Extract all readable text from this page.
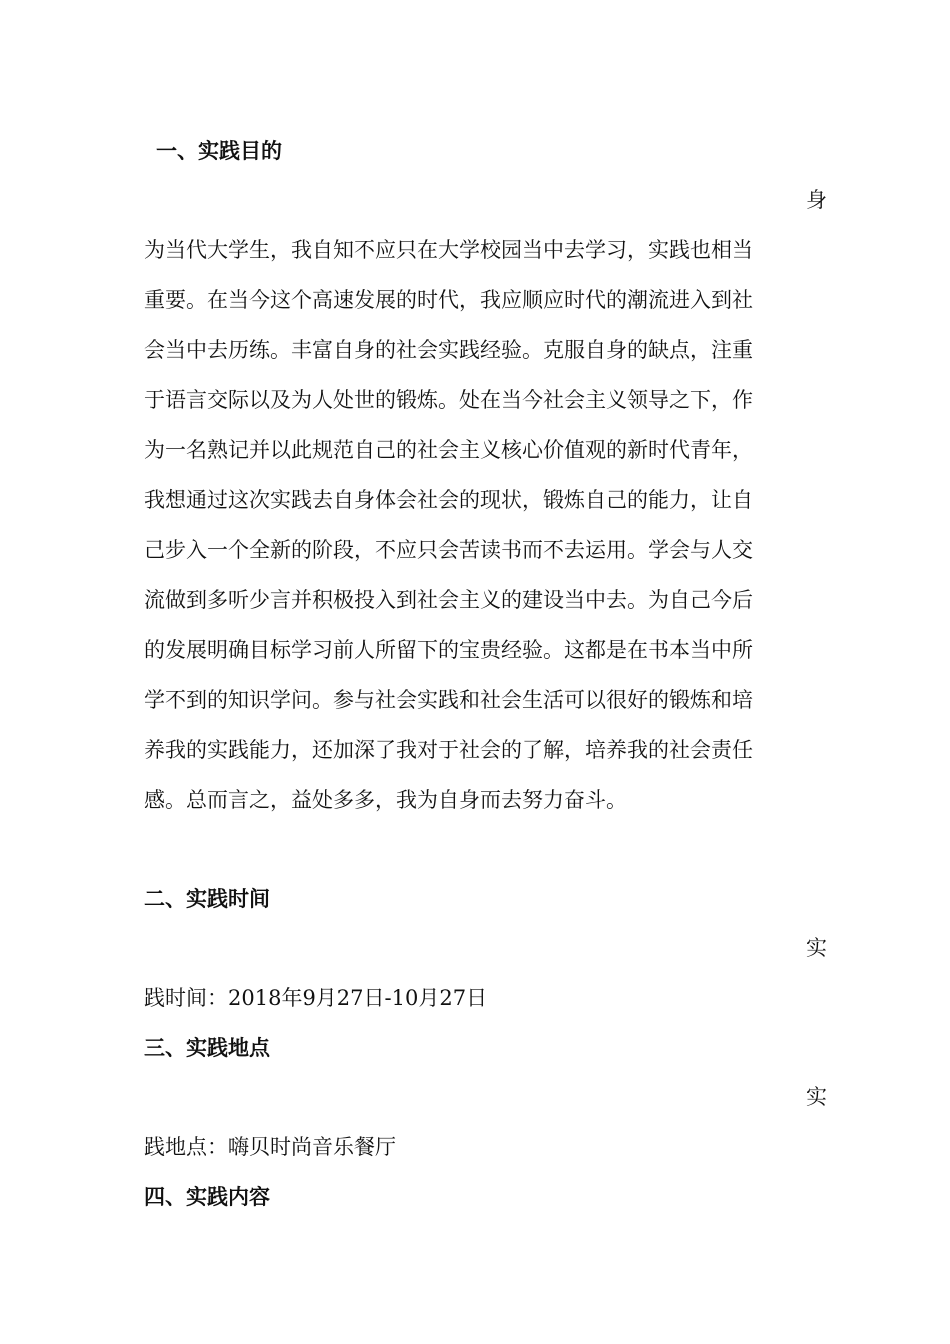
一、实践目的
身
为当代大学生，我自知不应只在大学校园当中去学习，实践也相当
重要。在当今这个高速发展的时代，我应顺应时代的潮流进入到社
会当中去历练。丰富自身的社会实践经验。克服自身的缺点，注重
于语言交际以及为人处世的锻炼。处在当今社会主义领导之下，作
为一名熟记并以此规范自己的社会主义核心价值观的新时代青年，
我想通过这次实践去自身体会社会的现状，锻炼自己的能力，让自
己步入一个全新的阶段，不应只会苦读书而不去运用。学会与人交
流做到多听少言并积极投入到社会主义的建设当中去。为自己今后
的发展明确目标学习前人所留下的宝贵经验。这都是在书本当中所
学不到的知识学问。参与社会实践和社会生活可以很好的锻炼和培
养我的实践能力，还加深了我对于社会的了解，培养我的社会责任
感。总而言之，益处多多，我为自身而去努力奋斗。
二、实践时间
实
践时间：2018年9月27日-10月27日
三、实践地点
实
践地点：嗨贝时尚音乐餐厅
四、实践内容
